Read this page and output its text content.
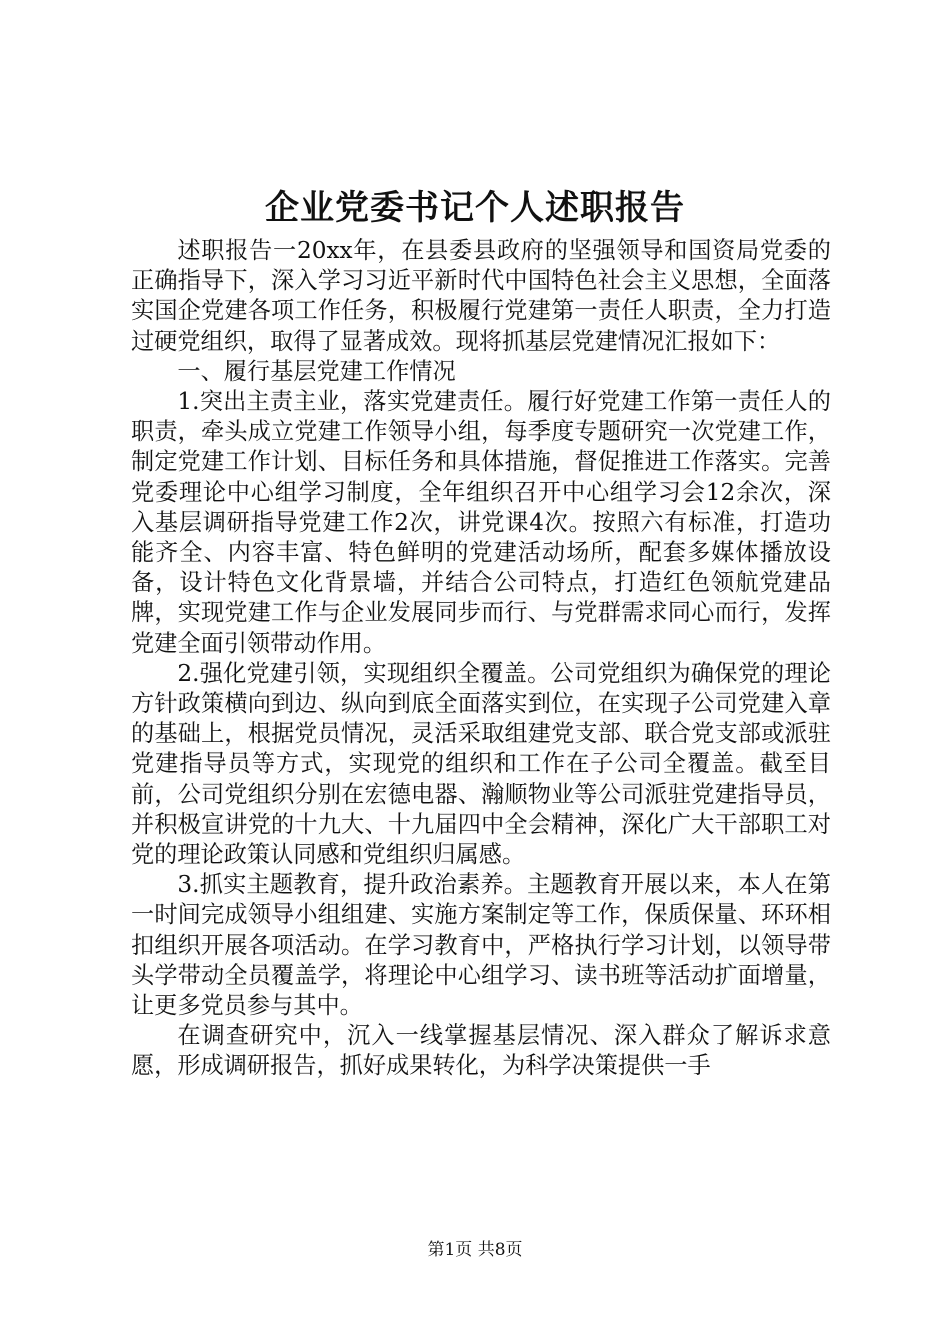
企业党委书记个人述职报告

述职报告一20xx年，在县委县政府的坚强领导和国资局党委的正确指导下，深入学习习近平新时代中国特色社会主义思想，全面落实国企党建各项工作任务，积极履行党建第一责任人职责，全力打造过硬党组织，取得了显著成效。现将抓基层党建情况汇报如下：

一、履行基层党建工作情况

1.突出主责主业，落实党建责任。履行好党建工作第一责任人的职责，牵头成立党建工作领导小组，每季度专题研究一次党建工作，制定党建工作计划、目标任务和具体措施，督促推进工作落实。完善党委理论中心组学习制度，全年组织召开中心组学习会12余次，深入基层调研指导党建工作2次，讲党课4次。按照六有标准，打造功能齐全、内容丰富、特色鲜明的党建活动场所，配套多媒体播放设备，设计特色文化背景墙，并结合公司特点，打造红色领航党建品牌，实现党建工作与企业发展同步而行、与党群需求同心而行，发挥党建全面引领带动作用。

2.强化党建引领，实现组织全覆盖。公司党组织为确保党的理论方针政策横向到边、纵向到底全面落实到位，在实现子公司党建入章的基础上，根据党员情况，灵活采取组建党支部、联合党支部或派驻党建指导员等方式，实现党的组织和工作在子公司全覆盖。截至目前，公司党组织分别在宏德电器、瀚顺物业等公司派驻党建指导员，并积极宣讲党的十九大、十九届四中全会精神，深化广大干部职工对党的理论政策认同感和党组织归属感。

3.抓实主题教育，提升政治素养。主题教育开展以来，本人在第一时间完成领导小组组建、实施方案制定等工作，保质保量、环环相扣组织开展各项活动。在学习教育中，严格执行学习计划，以领导带头学带动全员覆盖学，将理论中心组学习、读书班等活动扩面增量，让更多党员参与其中。

在调查研究中，沉入一线掌握基层情况、深入群众了解诉求意愿，形成调研报告，抓好成果转化，为科学决策提供一手

第1页 共8页
